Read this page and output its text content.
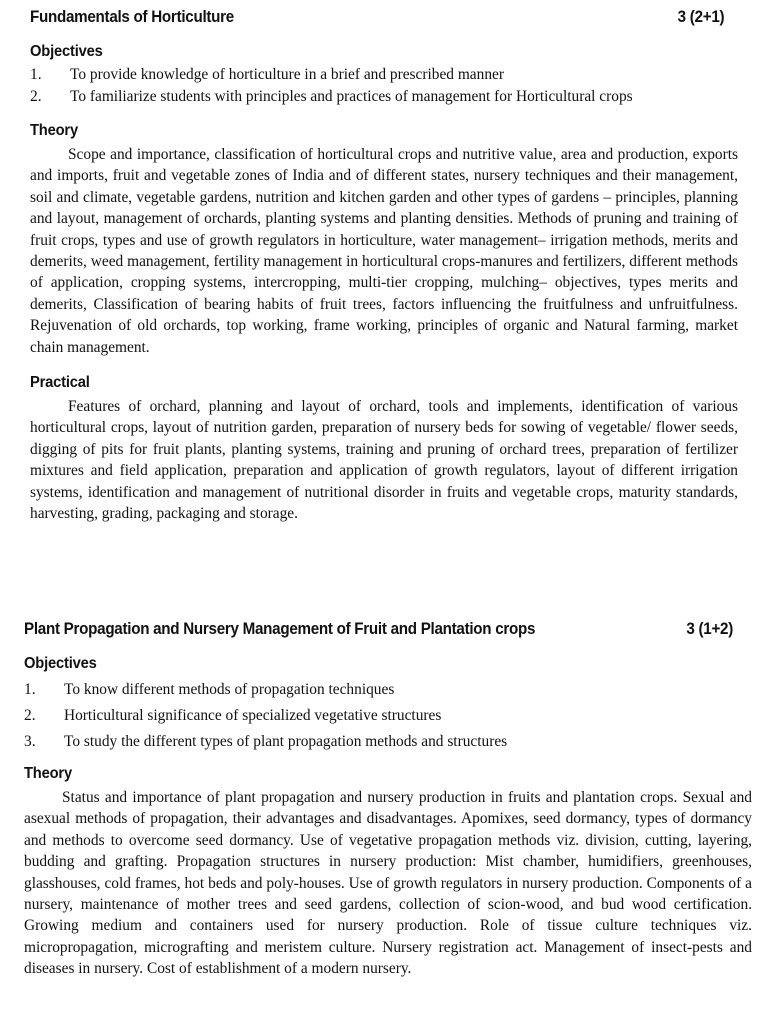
Fundamentals of Horticulture	3 (2+1)
Objectives
1.	To provide knowledge of horticulture in a brief and prescribed manner
2.	To familiarize students with principles and practices of management for Horticultural crops
Theory

Scope and importance, classification of horticultural crops and nutritive value, area and production, exports and imports, fruit and vegetable zones of India and of different states, nursery techniques and their management, soil and climate, vegetable gardens, nutrition and kitchen garden and other types of gardens – principles, planning and layout, management of orchards, planting systems and planting densities. Methods of pruning and training of fruit crops, types and use of growth regulators in horticulture, water management– irrigation methods, merits and demerits, weed management, fertility management in horticultural crops-manures and fertilizers, different methods of application, cropping systems, intercropping, multi-tier cropping, mulching– objectives, types merits and demerits, Classification of bearing habits of fruit trees, factors influencing the fruitfulness and unfruitfulness. Rejuvenation of old orchards, top working, frame working, principles of organic and Natural farming, market chain management.

Practical

Features of orchard, planning and layout of orchard, tools and implements, identification of various horticultural crops, layout of nutrition garden, preparation of nursery beds for sowing of vegetable/ flower seeds, digging of pits for fruit plants, planting systems, training and pruning of orchard trees, preparation of fertilizer mixtures and field application, preparation and application of growth regulators, layout of different irrigation systems, identification and management of nutritional disorder in fruits and vegetable crops, maturity standards, harvesting, grading, packaging and storage.

Plant Propagation and Nursery Management of Fruit and Plantation crops	3 (1+2)
Objectives
1.	To know different methods of propagation techniques
2.	Horticultural significance of specialized vegetative structures
3.	To study the different types of plant propagation methods and structures
Theory

Status and importance of plant propagation and nursery production in fruits and plantation crops. Sexual and asexual methods of propagation, their advantages and disadvantages. Apomixes, seed dormancy, types of dormancy and methods to overcome seed dormancy. Use of vegetative propagation methods viz. division, cutting, layering, budding and grafting. Propagation structures in nursery production: Mist chamber, humidifiers, greenhouses, glasshouses, cold frames, hot beds and poly-houses. Use of growth regulators in nursery production. Components of a nursery, maintenance of mother trees and seed gardens, collection of scion-wood, and bud wood certification. Growing medium and containers used for nursery production. Role of tissue culture techniques viz. micropropagation, micrografting and meristem culture. Nursery registration act. Management of insect-pests and diseases in nursery. Cost of establishment of a modern nursery.
